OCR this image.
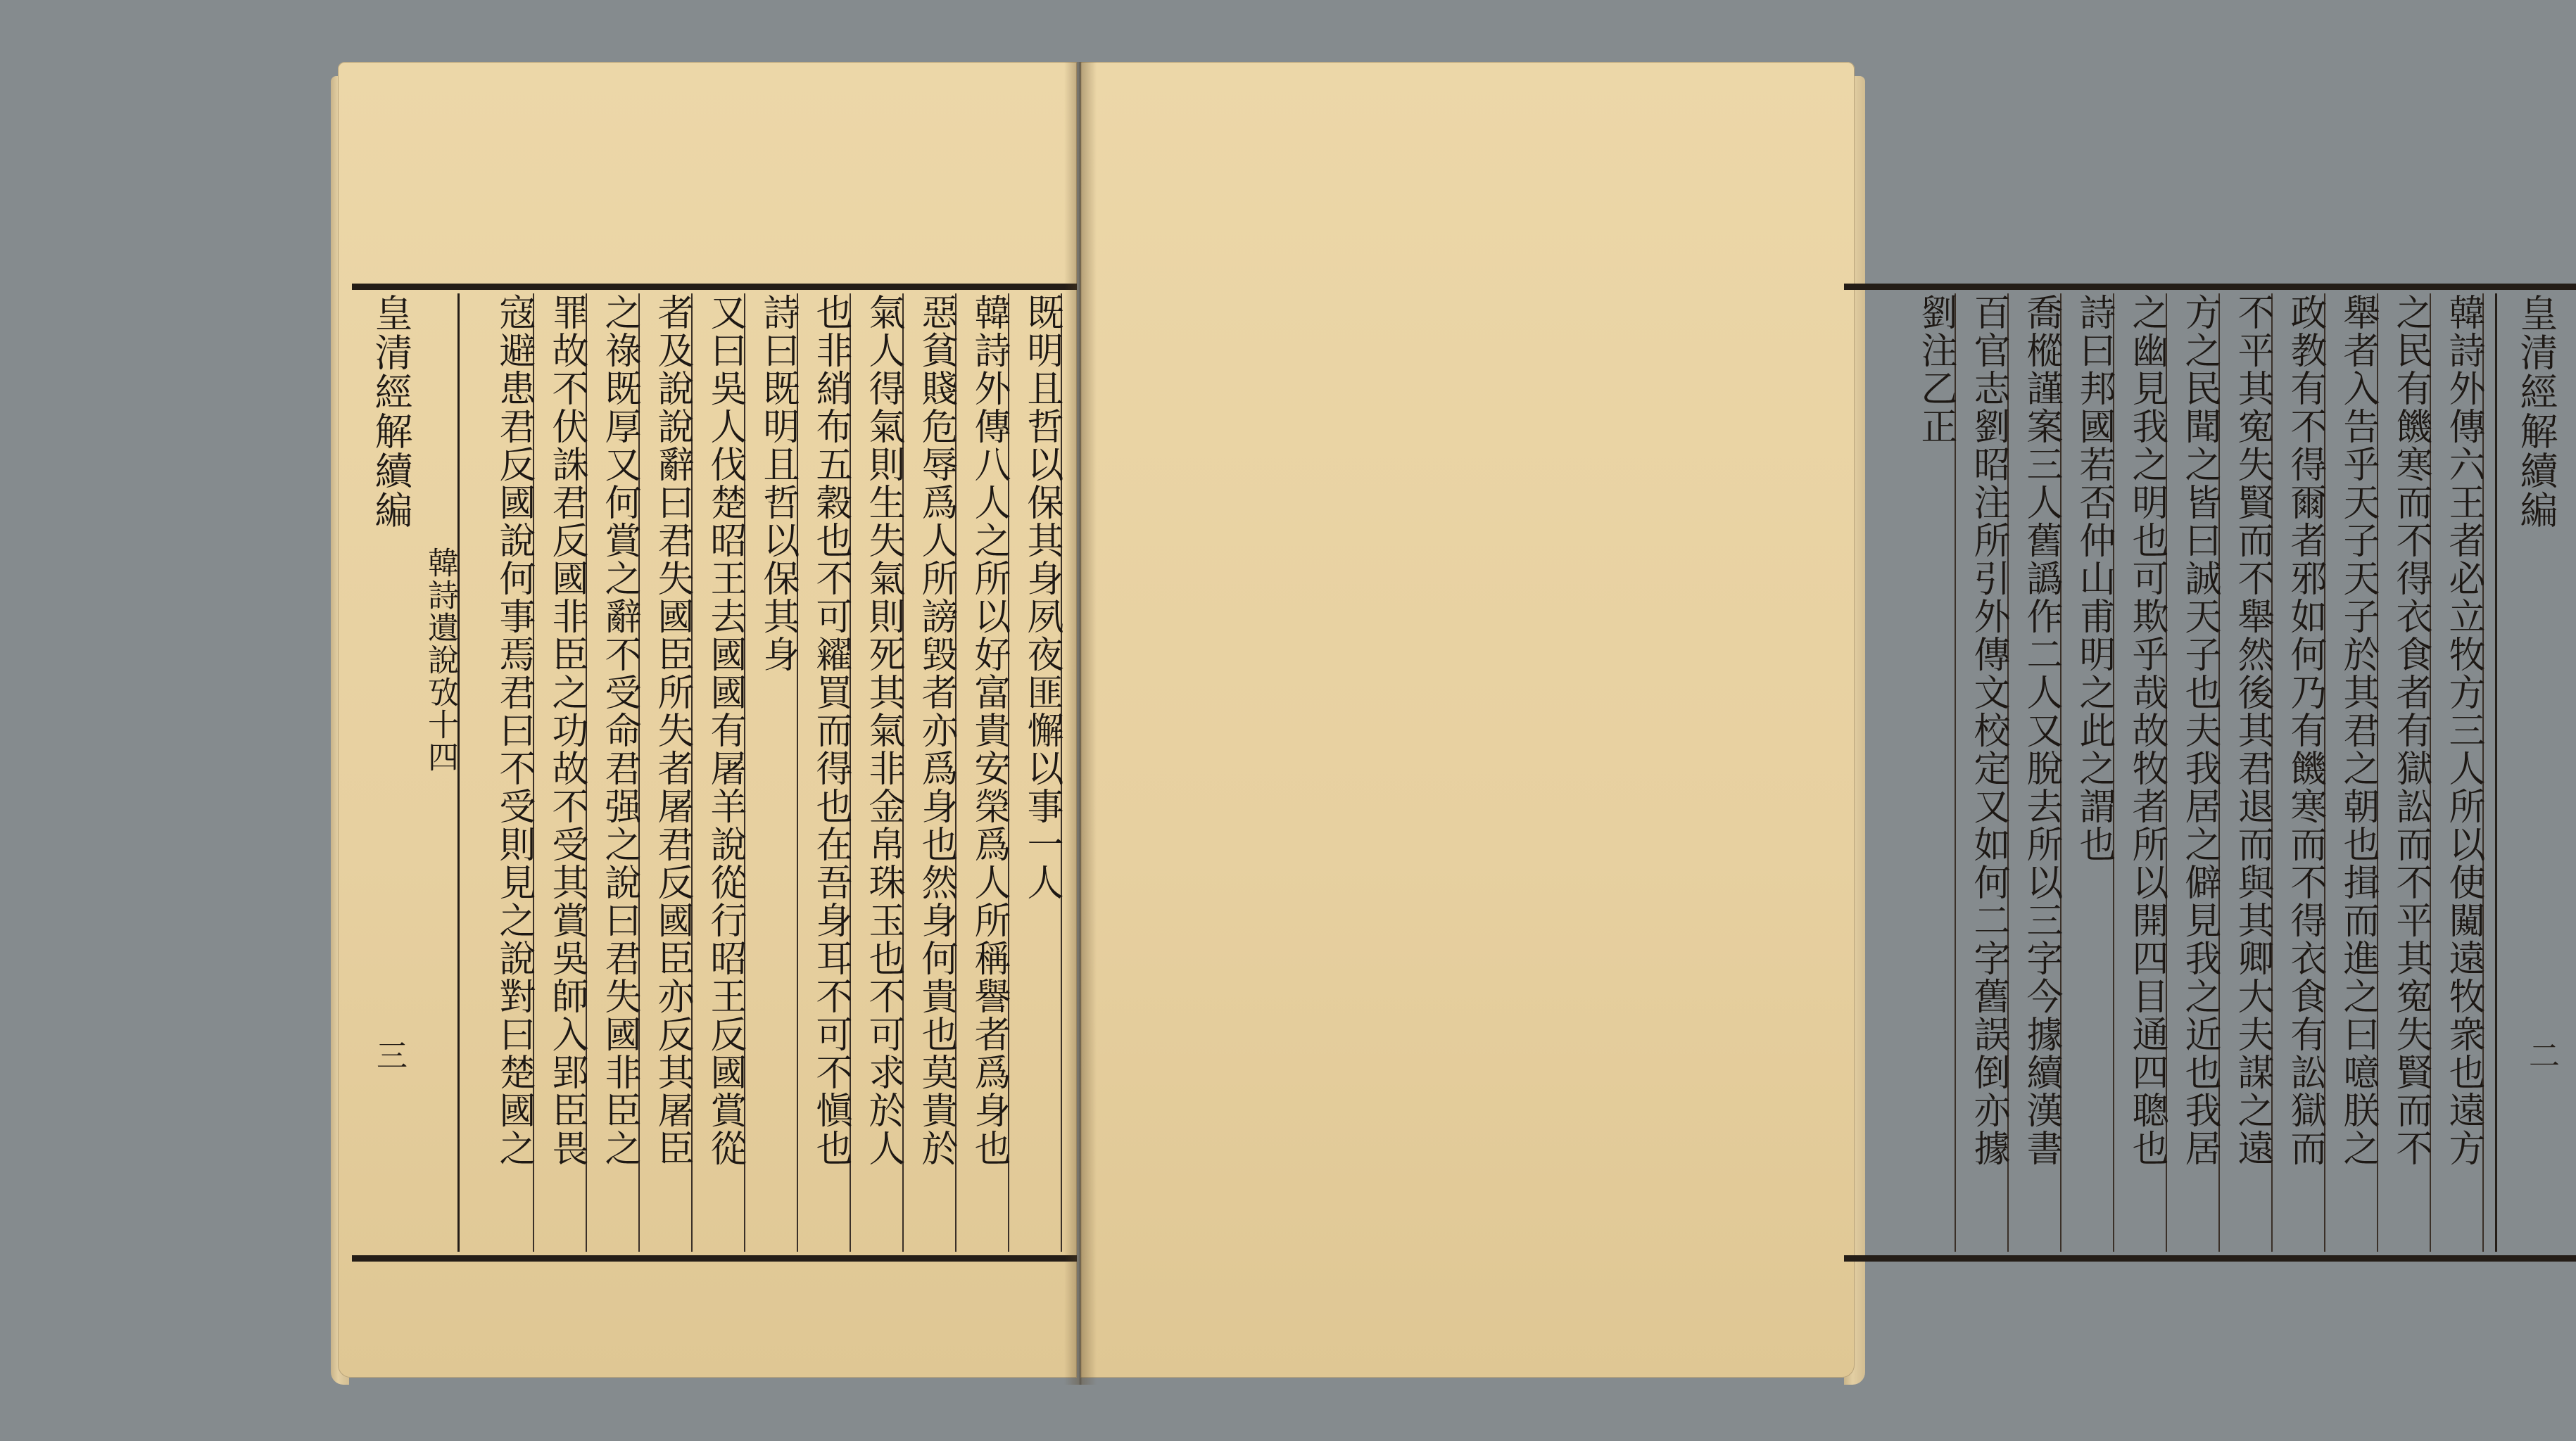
既明且哲以保其身夙夜匪懈以事一人
韓詩外傳八人之所以好富貴安榮爲人所稱譽者爲身也
惡貧賤危辱爲人所謗毀者亦爲身也然身何貴也莫貴於
氣人得氣則生失氣則死其氣非金帛珠玉也不可求於人
也非綃布五穀也不可糴買而得也在吾身耳不可不愼也
詩曰既明且哲以保其身
又曰吳人伐楚昭王去國國有屠羊說從行昭王反國賞從
者及說說辭曰君失國臣所失者屠君反國臣亦反其屠臣
之祿既厚又何賞之辭不受命君强之說曰君失國非臣之
罪故不伏誅君反國非臣之功故不受其賞吳師入郢臣畏
寇避患君反國說何事焉君曰不受則見之說對曰楚國之
皇清經解續編
韓詩遺說攷十四
三	韓詩外傳六王者必立牧方三人所以使闚遠牧衆也遠方
之民有饑寒而不得衣食者有獄訟而不平其寃失賢而不
舉者入告乎天子天子於其君之朝也揖而進之曰噫朕之
政教有不得爾者邪如何乃有饑寒而不得衣食有訟獄而
不平其寃失賢而不舉然後其君退而與其卿大夫謀之遠
方之民聞之皆曰誠天子也夫我居之僻見我之近也我居
之幽見我之明也可欺乎哉故牧者所以開四目通四聰也
詩曰邦國若否仲山甫明之此之謂也
喬樅謹案三人舊譌作二人又脫去所以三字今據續漢書
百官志劉昭注所引外傳文校定又如何二字舊誤倒亦據
劉注乙正	皇清經解續編
二
